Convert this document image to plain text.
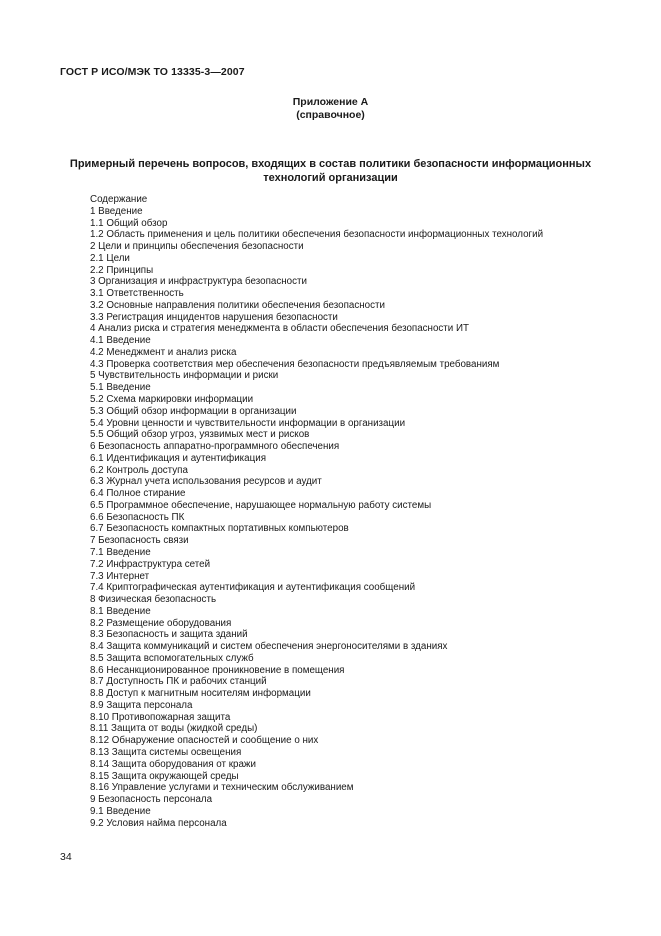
ГОСТ Р ИСО/МЭК ТО 13335-3—2007
Приложение А
(справочное)
Примерный перечень вопросов, входящих в состав политики безопасности информационных
технологий организации
Содержание
1 Введение
1.1 Общий обзор
1.2 Область применения и цель политики обеспечения безопасности информационных технологий
2 Цели и принципы обеспечения безопасности
2.1 Цели
2.2 Принципы
3 Организация и инфраструктура безопасности
3.1 Ответственность
3.2 Основные направления политики обеспечения безопасности
3.3 Регистрация инцидентов нарушения безопасности
4 Анализ риска и стратегия менеджмента в области обеспечения безопасности ИТ
4.1 Введение
4.2 Менеджмент и анализ риска
4.3 Проверка соответствия мер обеспечения безопасности предъявляемым требованиям
5 Чувствительность информации и риски
5.1 Введение
5.2 Схема маркировки информации
5.3 Общий обзор информации в организации
5.4 Уровни ценности и чувствительности информации в организации
5.5 Общий обзор угроз, уязвимых мест и рисков
6 Безопасность аппаратно-программного обеспечения
6.1 Идентификация и аутентификация
6.2 Контроль доступа
6.3 Журнал учета использования ресурсов и аудит
6.4 Полное стирание
6.5 Программное обеспечение, нарушающее нормальную работу системы
6.6 Безопасность ПК
6.7 Безопасность компактных портативных компьютеров
7 Безопасность связи
7.1 Введение
7.2 Инфраструктура сетей
7.3 Интернет
7.4 Криптографическая аутентификация и аутентификация сообщений
8 Физическая безопасность
8.1 Введение
8.2 Размещение оборудования
8.3 Безопасность и защита зданий
8.4 Защита коммуникаций и систем обеспечения энергоносителями в зданиях
8.5 Защита вспомогательных служб
8.6 Несанкционированное проникновение в помещения
8.7 Доступность ПК и рабочих станций
8.8 Доступ к магнитным носителям информации
8.9 Защита персонала
8.10 Противопожарная защита
8.11 Защита от воды (жидкой среды)
8.12 Обнаружение опасностей и сообщение о них
8.13 Защита системы освещения
8.14 Защита оборудования от кражи
8.15 Защита окружающей среды
8.16 Управление услугами и техническим обслуживанием
9 Безопасность персонала
9.1 Введение
9.2 Условия найма персонала
34
